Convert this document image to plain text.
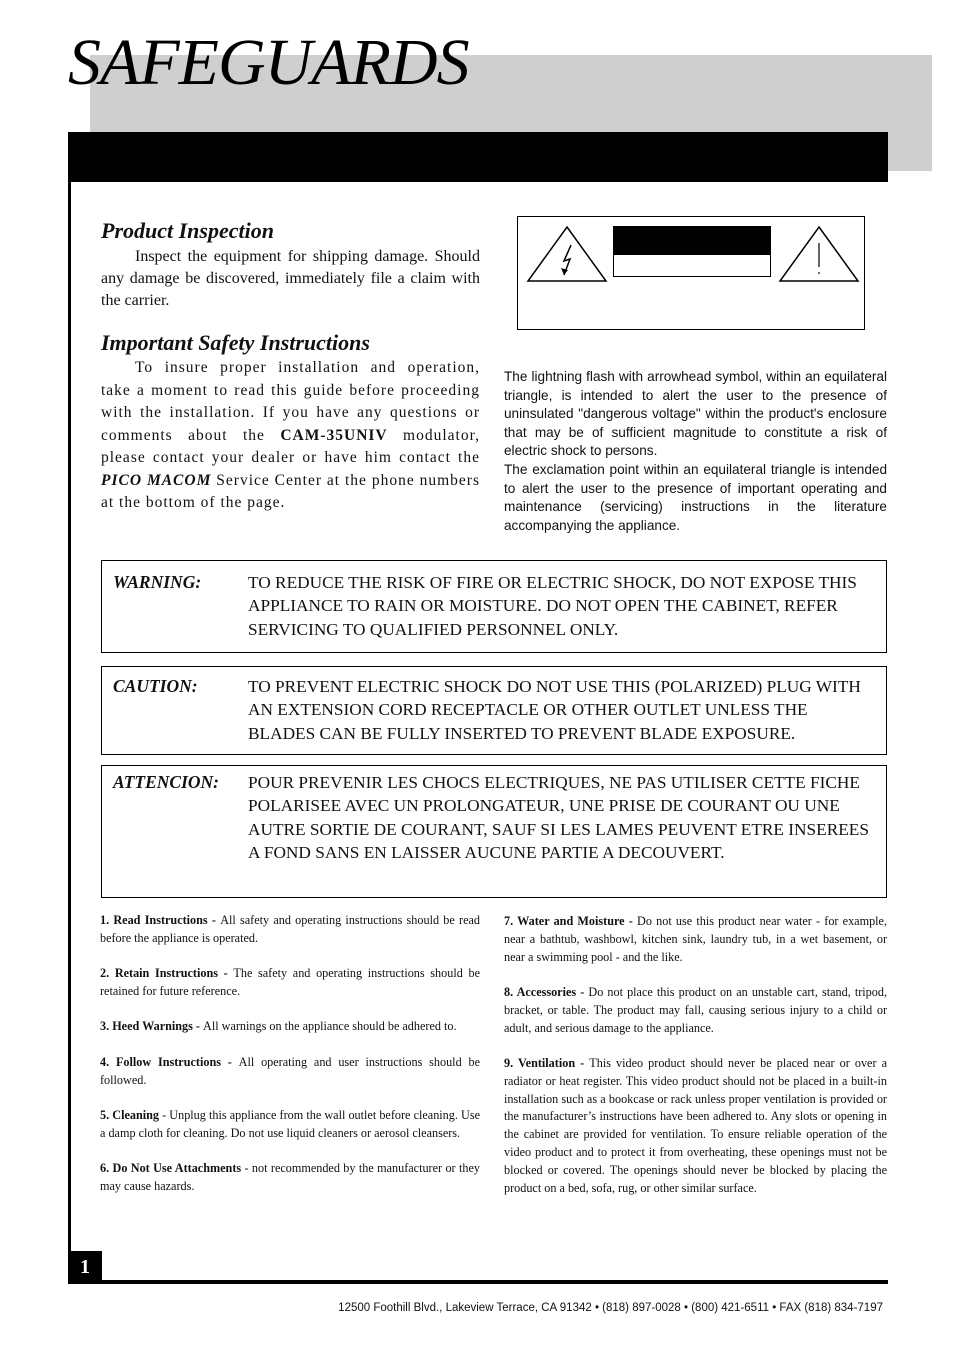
SAFEGUARDS
Product Inspection

Inspect the equipment for shipping damage. Should any damage be discovered, immediately file a claim with the carrier.

Important Safety Instructions

To insure proper installation and operation, take a moment to read this guide before proceeding with the installation. If you have any questions or comments about the CAM-35UNIV modulator, please contact your dealer or have him contact the PICO MACOM Service Center at the phone numbers at the bottom of the page.

The lightning flash with arrowhead symbol, within an equilateral triangle, is intended to alert the user to the presence of uninsulated "dangerous voltage" within the product's enclosure that may be of sufficient magnitude to constitute a risk of electric shock to persons.

The exclamation point within an equilateral triangle is intended to alert the user to the presence of important operating and maintenance (servicing) instructions in the literature accompanying the appliance.

WARNING:	TO REDUCE THE RISK OF FIRE OR ELECTRIC SHOCK, DO NOT EXPOSE THIS APPLIANCE TO RAIN OR MOISTURE. DO NOT OPEN THE CABINET, REFER SERVICING TO QUALIFIED PERSONNEL ONLY.

CAUTION:	TO PREVENT ELECTRIC SHOCK DO NOT USE THIS (POLARIZED) PLUG WITH AN EXTENSION CORD RECEPTACLE OR OTHER OUTLET UNLESS THE BLADES CAN BE FULLY INSERTED TO PREVENT BLADE EXPOSURE.

ATTENCION: POUR PREVENIR LES CHOCS ELECTRIQUES, NE PAS UTILISER CETTE FICHE POLARISEE AVEC UN PROLONGATEUR, UNE PRISE DE COURANT OU UNE AUTRE SORTIE DE COURANT, SAUF SI LES LAMES PEUVENT ETRE INSEREES A FOND SANS EN LAISSER AUCUNE PARTIE A DECOUVERT.

1. Read Instructions - All safety and operating instructions should be read before the appliance is operated.

2. Retain Instructions - The safety and operating instructions should be retained for future reference.

3. Heed Warnings - All warnings on the appliance should be adhered to.

4. Follow Instructions - All operating and user instructions should be followed.

5. Cleaning - Unplug this appliance from the wall outlet before cleaning. Use a damp cloth for cleaning. Do not use liquid cleaners or aerosol cleansers.

6. Do Not Use Attachments - not recommended by the manufacturer or they may cause hazards.

7. Water and Moisture - Do not use this product near water - for example, near a bathtub, washbowl, kitchen sink, laundry tub, in a wet basement, or near a swimming pool - and the like.

8. Accessories - Do not place this product on an unstable cart, stand, tripod, bracket, or table. The product may fall, causing serious injury to a child or adult, and serious damage to the appliance.

9. Ventilation - This video product should never be placed near or over a radiator or heat register. This video product should not be placed in a built-in installation such as a bookcase or rack unless proper ventilation is provided or the manufacturer’s instructions have been adhered to. Any slots or opening in the cabinet are provided for ventilation. To ensure reliable operation of the video product and to protect it from overheating, these openings must not be blocked or covered. The openings should never be blocked by placing the product on a bed, sofa, rug, or other similar surface.

1
12500 Foothill Blvd., Lakeview Terrace, CA 91342 • (818) 897-0028 • (800) 421-6511 • FAX (818) 834-7197
